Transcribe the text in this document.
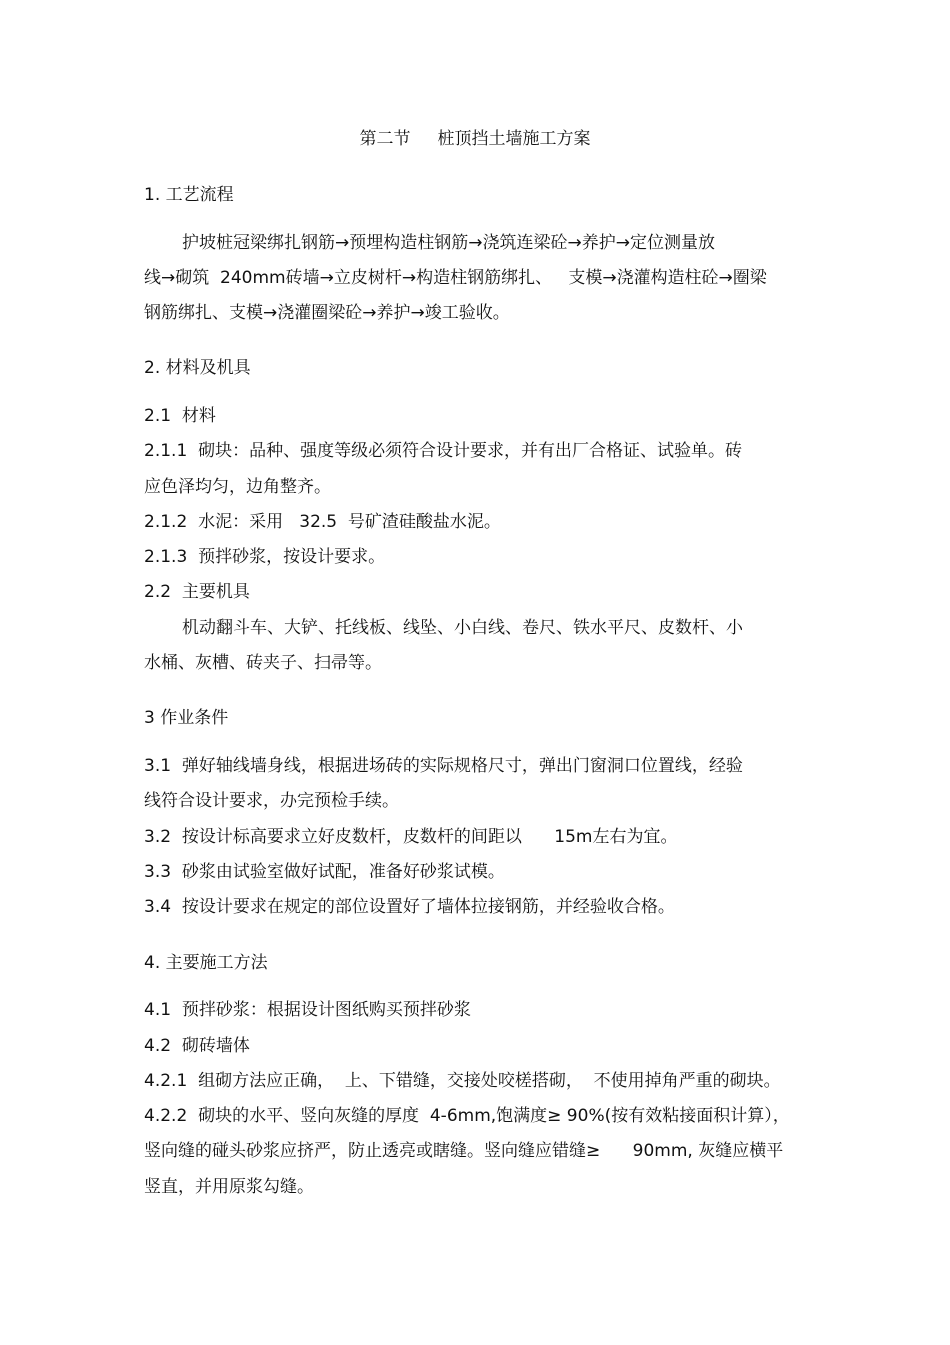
第二节     桩顶挡土墙施工方案
1. 工艺流程
护坡桩冠梁绑扎钢筋→预埋构造柱钢筋→浇筑连梁砼→养护→定位测量放
线→砌筑  240mm砖墙→立皮树杆→构造柱钢筋绑扎、   支模→浇灌构造柱砼→圈梁
钢筋绑扎、支模→浇灌圈梁砼→养护→竣工验收。
2. 材料及机具
2.1  材料
2.1.1  砌块：品种、强度等级必须符合设计要求，并有出厂合格证、试验单。砖
应色泽均匀，边角整齐。
2.1.2  水泥：采用   32.5  号矿渣硅酸盐水泥。
2.1.3  预拌砂浆，按设计要求。
2.2  主要机具
机动翻斗车、大铲、托线板、线坠、小白线、卷尺、铁水平尺、皮数杆、小
水桶、灰槽、砖夹子、扫帚等。
3 作业条件
3.1  弹好轴线墙身线，根据进场砖的实际规格尺寸，弹出门窗洞口位置线，经验
线符合设计要求，办完预检手续。
3.2  按设计标高要求立好皮数杆，皮数杆的间距以      15m左右为宜。
3.3  砂浆由试验室做好试配，准备好砂浆试模。
3.4  按设计要求在规定的部位设置好了墙体拉接钢筋，并经验收合格。
4. 主要施工方法
4.1  预拌砂浆：根据设计图纸购买预拌砂浆
4.2  砌砖墙体
4.2.1  组砌方法应正确，  上、下错缝，交接处咬槎搭砌，  不使用掉角严重的砌块。
4.2.2  砌块的水平、竖向灰缝的厚度  4-6mm,饱满度≥ 90%(按有效粘接面积计算），
竖向缝的碰头砂浆应挤严，防止透亮或瞎缝。竖向缝应错缝≥      90mm, 灰缝应横平
竖直，并用原浆勾缝。
